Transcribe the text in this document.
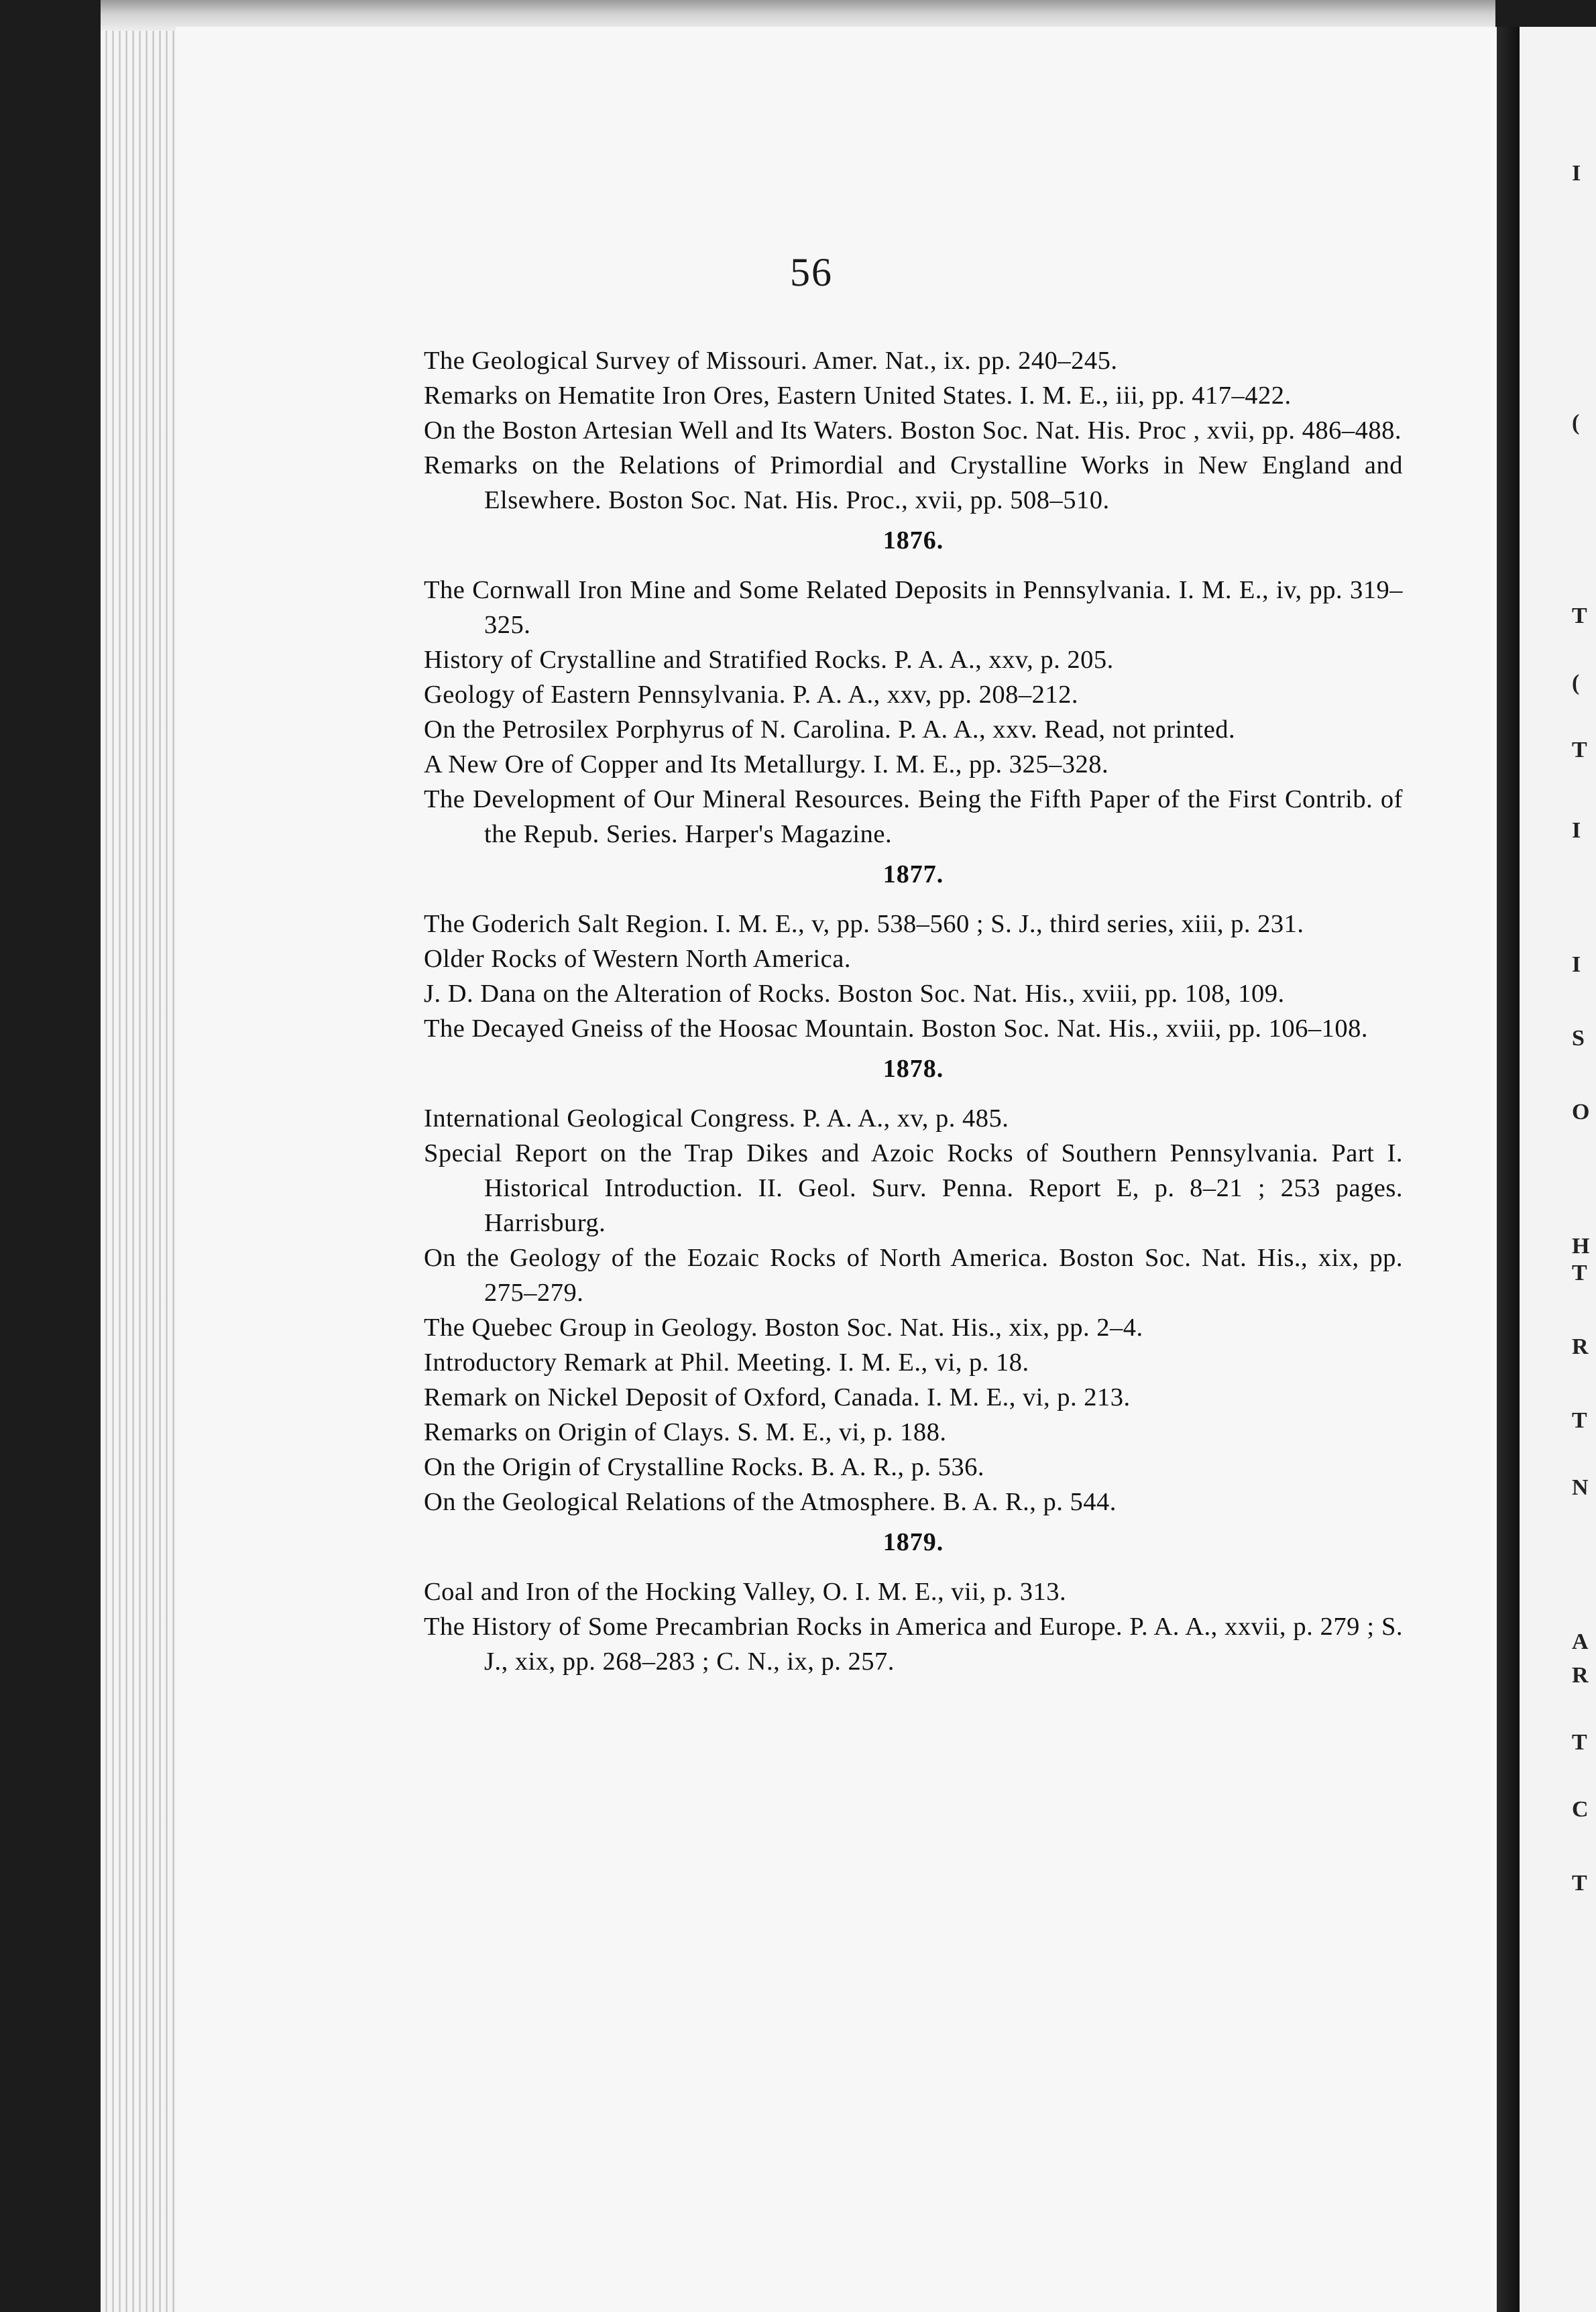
56
The Geological Survey of Missouri. Amer. Nat., ix. pp. 240–245.
Remarks on Hematite Iron Ores, Eastern United States. I. M. E., iii, pp. 417–422.
On the Boston Artesian Well and Its Waters. Boston Soc. Nat. His. Proc , xvii, pp. 486–488.
Remarks on the Relations of Primordial and Crystalline Works in New England and Elsewhere. Boston Soc. Nat. His. Proc., xvii, pp. 508–510.
1876.
The Cornwall Iron Mine and Some Related Deposits in Pennsylvania. I. M. E., iv, pp. 319–325.
History of Crystalline and Stratified Rocks. P. A. A., xxv, p. 205.
Geology of Eastern Pennsylvania. P. A. A., xxv, pp. 208–212.
On the Petrosilex Porphyrus of N. Carolina. P. A. A., xxv. Read, not printed.
A New Ore of Copper and Its Metallurgy. I. M. E., pp. 325–328.
The Development of Our Mineral Resources. Being the Fifth Paper of the First Contrib. of the Repub. Series. Harper's Magazine.
1877.
The Goderich Salt Region. I. M. E., v, pp. 538–560 ; S. J., third series, xiii, p. 231.
Older Rocks of Western North America.
J. D. Dana on the Alteration of Rocks. Boston Soc. Nat. His., xviii, pp. 108, 109.
The Decayed Gneiss of the Hoosac Mountain. Boston Soc. Nat. His., xviii, pp. 106–108.
1878.
International Geological Congress. P. A. A., xv, p. 485.
Special Report on the Trap Dikes and Azoic Rocks of Southern Pennsylvania. Part I. Historical Introduction. II. Geol. Surv. Penna. Report E, p. 8–21 ; 253 pages. Harrisburg.
On the Geology of the Eozaic Rocks of North America. Boston Soc. Nat. His., xix, pp. 275–279.
The Quebec Group in Geology. Boston Soc. Nat. His., xix, pp. 2–4.
Introductory Remark at Phil. Meeting. I. M. E., vi, p. 18.
Remark on Nickel Deposit of Oxford, Canada. I. M. E., vi, p. 213.
Remarks on Origin of Clays. S. M. E., vi, p. 188.
On the Origin of Crystalline Rocks. B. A. R., p. 536.
On the Geological Relations of the Atmosphere. B. A. R., p. 544.
1879.
Coal and Iron of the Hocking Valley, O. I. M. E., vii, p. 313.
The History of Some Precambrian Rocks in America and Europe. P. A. A., xxvii, p. 279 ; S. J., xix, pp. 268–283 ; C. N., ix, p. 257.
I
(
T
(
T
I
I
S
O
H
T
R
T
N
A
R
T
C
T
